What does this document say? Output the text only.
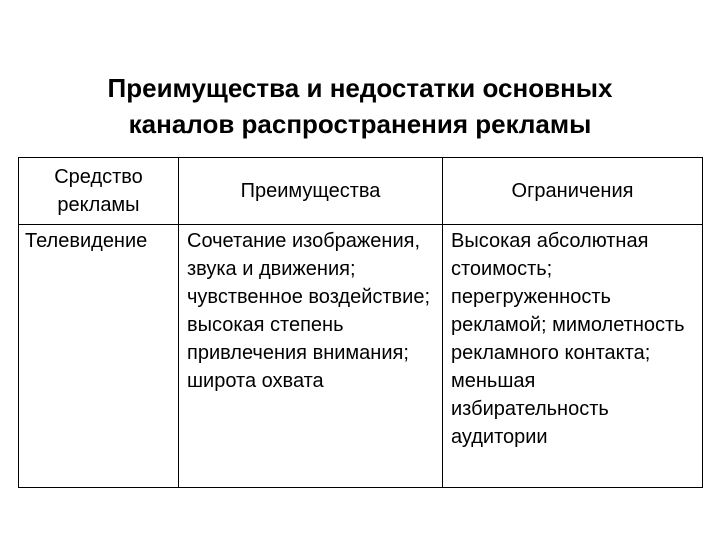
Преимущества и недостатки основных
каналов распространения рекламы
Средство рекламы	Преимущества	Ограничения
Телевидение	Сочетание изображения, звука и движения; чувственное воздействие; высокая степень привлечения внимания; широта охвата	Высокая абсолютная стоимость; перегруженность рекламой; мимолетность рекламного контакта; меньшая избирательность аудитории
